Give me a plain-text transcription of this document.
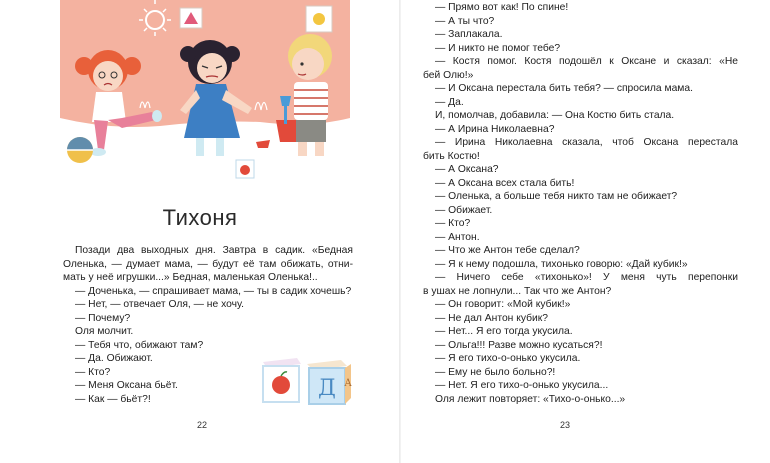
Тихоня
Позади два выходных дня. Завтра в садик. «Бедная
Оленька, — думает мама, — будут её там обижать, отни-
мать у неё игрушки...» Бедная, маленькая Оленька!..
— Доченька, — спрашивает мама, — ты в садик хочешь?
— Нет, — отвечает Оля, — не хочу.
— Почему?
Оля молчит.
— Тебя что, обижают там?
— Да. Обижают.
— Кто?
— Меня Оксана бьёт.
— Как — бьёт?!	Д А
22	23
— Прямо вот как! По спине!
— А ты что?
— Заплакала.
— И никто не помог тебе?
— Костя помог. Костя подошёл к Оксане и сказал: «Не
бей Олю!»
— И Оксана перестала бить тебя? — спросила мама.
— Да.
И, помолчав, добавила: — Она Костю бить стала.
— А Ирина Николаевна?
— Ирина Николаевна сказала, чтоб Оксана перестала
бить Костю!
— А Оксана?
— А Оксана всех стала бить!
— Оленька, а больше тебя никто там не обижает?
— Обижает.
— Кто?
— Антон.
— Что же Антон тебе сделал?
— Я к нему подошла, тихонько говорю: «Дай кубик!»
— Ничего себе «тихонько»! У меня чуть перепонки
в ушах не лопнули... Так что же Антон?
— Он говорит: «Мой кубик!»
— Не дал Антон кубик?
— Нет... Я его тогда укусила.
— Ольга!!! Разве можно кусаться?!
— Я его тихо-о-онько укусила.
— Ему не было больно?!
— Нет. Я его тихо-о-онько укусила...
Оля лежит повторяет: «Тихо-о-онько...»
